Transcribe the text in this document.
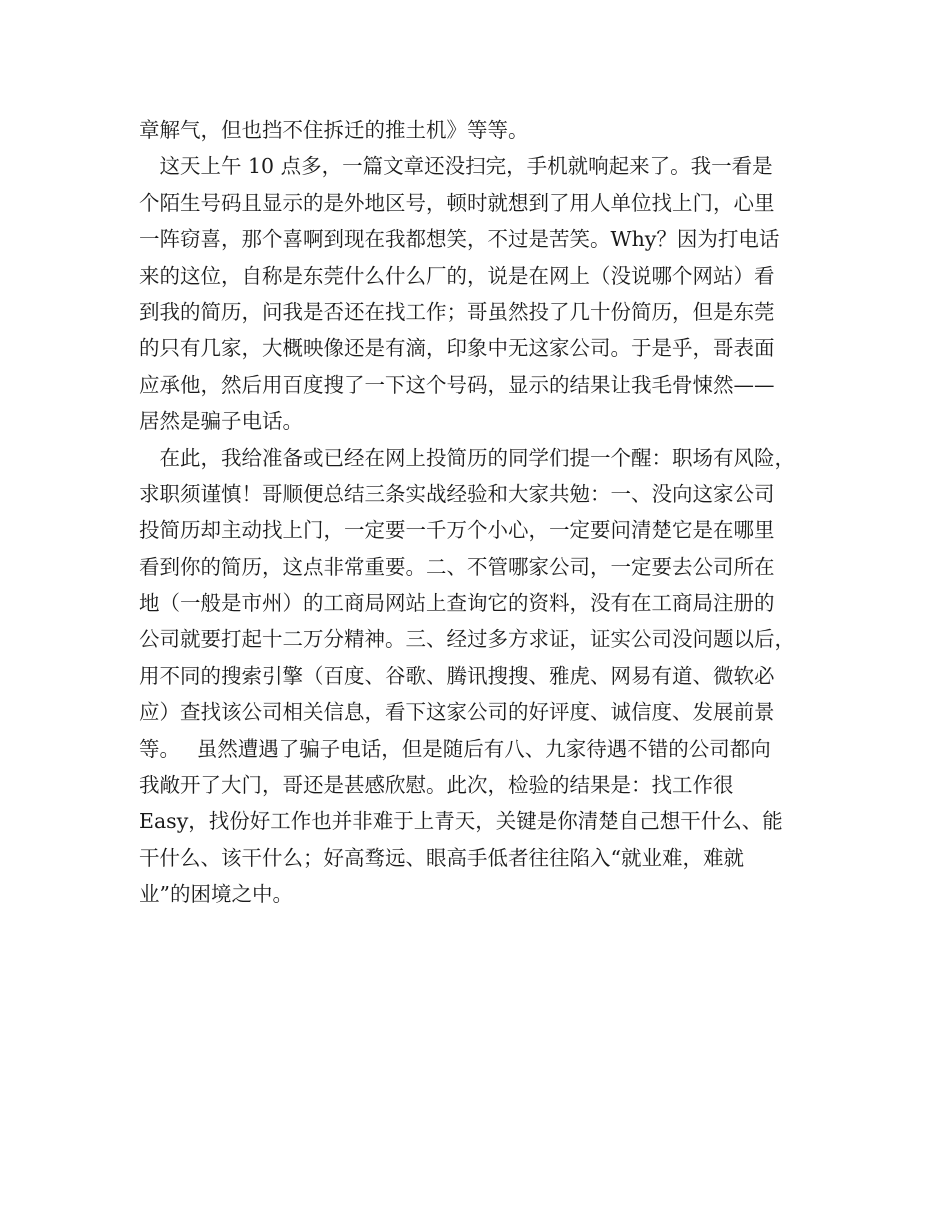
章解气，但也挡不住拆迁的推土机》等等。
　这天上午 10 点多，一篇文章还没扫完，手机就响起来了。我一看是
个陌生号码且显示的是外地区号，顿时就想到了用人单位找上门，心里
一阵窃喜，那个喜啊到现在我都想笑，不过是苦笑。Why？因为打电话
来的这位，自称是东莞什么什么厂的，说是在网上（没说哪个网站）看
到我的简历，问我是否还在找工作；哥虽然投了几十份简历，但是东莞
的只有几家，大概映像还是有滴，印象中无这家公司。于是乎，哥表面
应承他，然后用百度搜了一下这个号码，显示的结果让我毛骨悚然——
居然是骗子电话。
　在此，我给准备或已经在网上投简历的同学们提一个醒：职场有风险，
求职须谨慎！哥顺便总结三条实战经验和大家共勉：一、没向这家公司
投简历却主动找上门，一定要一千万个小心，一定要问清楚它是在哪里
看到你的简历，这点非常重要。二、不管哪家公司，一定要去公司所在
地（一般是市州）的工商局网站上查询它的资料，没有在工商局注册的
公司就要打起十二万分精神。三、经过多方求证，证实公司没问题以后，
用不同的搜索引擎（百度、谷歌、腾讯搜搜、雅虎、网易有道、微软必
应）查找该公司相关信息，看下这家公司的好评度、诚信度、发展前景
等。　 虽然遭遇了骗子电话，但是随后有八、九家待遇不错的公司都向
我敞开了大门，哥还是甚感欣慰。此次，检验的结果是：找工作很
Easy，找份好工作也并非难于上青天，关键是你清楚自己想干什么、能
干什么、该干什么；好高骛远、眼高手低者往往陷入“就业难，难就
业”的困境之中。
